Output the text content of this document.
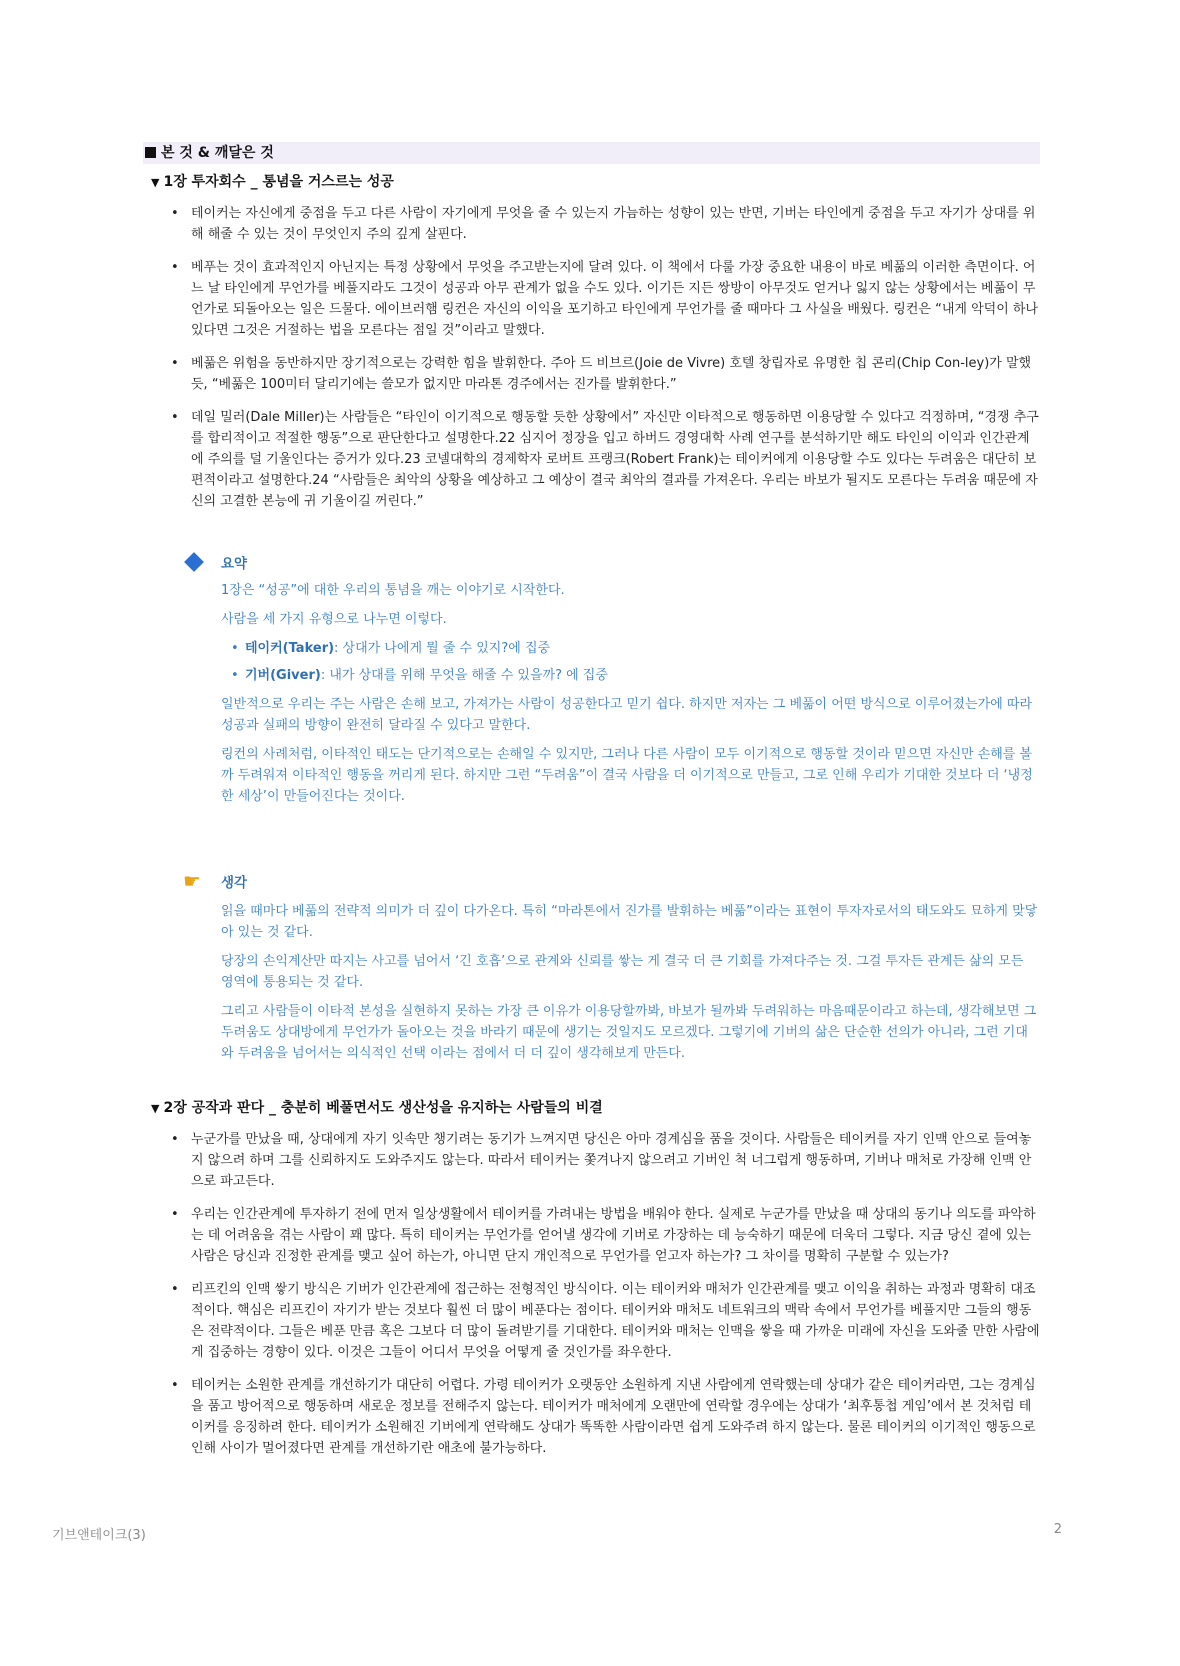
본 것 & 깨달은 것
▼ 1장 투자회수 _ 통념을 거스르는 성공
• 테이커는 자신에게 중점을 두고 다른 사람이 자기에게 무엇을 줄 수 있는지 가늠하는 성향이 있는 반면, 기버는 타인에게 중점을 두고 자기가 상대를 위해 해줄 수 있는 것이 무엇인지 주의 깊게 살핀다.
• 베푸는 것이 효과적인지 아닌지는 특정 상황에서 무엇을 주고받는지에 달려 있다. 이 책에서 다룰 가장 중요한 내용이 바로 베풂의 이러한 측면이다. 어느 날 타인에게 무언가를 베풀지라도 그것이 성공과 아무 관계가 없을 수도 있다. 이기든 지든 쌍방이 아무것도 얻거나 잃지 않는 상황에서는 베풂이 무언가로 되돌아오는 일은 드물다. 에이브러햄 링컨은 자신의 이익을 포기하고 타인에게 무언가를 줄 때마다 그 사실을 배웠다. 링컨은 “내게 악덕이 하나 있다면 그것은 거절하는 법을 모른다는 점일 것”이라고 말했다.
• 베풂은 위험을 동반하지만 장기적으로는 강력한 힘을 발휘한다. 주아 드 비브르(Joie de Vivre) 호텔 창립자로 유명한 칩 콘리(Chip Con-ley)가 말했듯, “베풂은 100미터 달리기에는 쓸모가 없지만 마라톤 경주에서는 진가를 발휘한다.”
• 데일 밀러(Dale Miller)는 사람들은 “타인이 이기적으로 행동할 듯한 상황에서” 자신만 이타적으로 행동하면 이용당할 수 있다고 걱정하며, “경쟁 추구를 합리적이고 적절한 행동”으로 판단한다고 설명한다.22 심지어 정장을 입고 하버드 경영대학 사례 연구를 분석하기만 해도 타인의 이익과 인간관계에 주의를 덜 기울인다는 증거가 있다.23 코넬대학의 경제학자 로버트 프랭크(Robert Frank)는 테이커에게 이용당할 수도 있다는 두려움은 대단히 보편적이라고 설명한다.24 “사람들은 최악의 상황을 예상하고 그 예상이 결국 최악의 결과를 가져온다. 우리는 바보가 될지도 모른다는 두려움 때문에 자신의 고결한 본능에 귀 기울이길 꺼린다.”
요약

1장은 “성공”에 대한 우리의 통념을 깨는 이야기로 시작한다.

사람을 세 가지 유형으로 나누면 이렇다.

• 테이커(Taker): 상대가 나에게 뭘 줄 수 있지?에 집중
• 기버(Giver): 내가 상대를 위해 무엇을 해줄 수 있을까? 에 집중

일반적으로 우리는 주는 사람은 손해 보고, 가져가는 사람이 성공한다고 믿기 쉽다. 하지만 저자는 그 베풂이 어떤 방식으로 이루어졌는가에 따라 성공과 실패의 방향이 완전히 달라질 수 있다고 말한다.

링컨의 사례처럼, 이타적인 태도는 단기적으로는 손해일 수 있지만, 그러나 다른 사람이 모두 이기적으로 행동할 것이라 믿으면 자신만 손해를 볼까 두려워져 이타적인 행동을 꺼리게 된다. 하지만 그런 “두려움”이 결국 사람을 더 이기적으로 만들고, 그로 인해 우리가 기대한 것보다 더 ‘냉정한 세상’이 만들어진다는 것이다.

☛	생각

읽을 때마다 베풂의 전략적 의미가 더 깊이 다가온다. 특히 “마라톤에서 진가를 발휘하는 베풂”이라는 표현이 투자자로서의 태도와도 묘하게 맞닿아 있는 것 같다.

당장의 손익계산만 따지는 사고를 넘어서 ‘긴 호흡’으로 관계와 신뢰를 쌓는 게 결국 더 큰 기회를 가져다주는 것. 그걸 투자든 관계든 삶의 모든 영역에 통용되는 것 같다.

그리고 사람들이 이타적 본성을 실현하지 못하는 가장 큰 이유가 이용당할까봐, 바보가 될까봐 두려워하는 마음때문이라고 하는데, 생각해보면 그 두려움도 상대방에게 무언가가 돌아오는 것을 바라기 때문에 생기는 것일지도 모르겠다. 그렇기에 기버의 삶은 단순한 선의가 아니라, 그런 기대와 두려움을 넘어서는 의식적인 선택 이라는 점에서 더 더 깊이 생각해보게 만든다.

▼ 2장 공작과 판다 _ 충분히 베풀면서도 생산성을 유지하는 사람들의 비결
• 누군가를 만났을 때, 상대에게 자기 잇속만 챙기려는 동기가 느껴지면 당신은 아마 경계심을 품을 것이다. 사람들은 테이커를 자기 인맥 안으로 들여놓지 않으려 하며 그를 신뢰하지도 도와주지도 않는다. 따라서 테이커는 쫓겨나지 않으려고 기버인 척 너그럽게 행동하며, 기버나 매처로 가장해 인맥 안으로 파고든다.
• 우리는 인간관계에 투자하기 전에 먼저 일상생활에서 테이커를 가려내는 방법을 배워야 한다. 실제로 누군가를 만났을 때 상대의 동기나 의도를 파악하는 데 어려움을 겪는 사람이 꽤 많다. 특히 테이커는 무언가를 얻어낼 생각에 기버로 가장하는 데 능숙하기 때문에 더욱더 그렇다. 지금 당신 곁에 있는 사람은 당신과 진정한 관계를 맺고 싶어 하는가, 아니면 단지 개인적으로 무언가를 얻고자 하는가? 그 차이를 명확히 구분할 수 있는가?
• 리프킨의 인맥 쌓기 방식은 기버가 인간관계에 접근하는 전형적인 방식이다. 이는 테이커와 매처가 인간관계를 맺고 이익을 취하는 과정과 명확히 대조적이다. 핵심은 리프킨이 자기가 받는 것보다 훨씬 더 많이 베푼다는 점이다. 테이커와 매처도 네트워크의 맥락 속에서 무언가를 베풀지만 그들의 행동은 전략적이다. 그들은 베푼 만큼 혹은 그보다 더 많이 돌려받기를 기대한다. 테이커와 매처는 인맥을 쌓을 때 가까운 미래에 자신을 도와줄 만한 사람에게 집중하는 경향이 있다. 이것은 그들이 어디서 무엇을 어떻게 줄 것인가를 좌우한다.
• 테이커는 소원한 관계를 개선하기가 대단히 어렵다. 가령 테이커가 오랫동안 소원하게 지낸 사람에게 연락했는데 상대가 같은 테이커라면, 그는 경계심을 품고 방어적으로 행동하며 새로운 정보를 전해주지 않는다. 테이커가 매처에게 오랜만에 연락할 경우에는 상대가 ‘최후통첩 게임’에서 본 것처럼 테이커를 응징하려 한다. 테이커가 소원해진 기버에게 연락해도 상대가 똑똑한 사람이라면 쉽게 도와주려 하지 않는다. 물론 테이커의 이기적인 행동으로 인해 사이가 멀어졌다면 관계를 개선하기란 애초에 불가능하다.
기브앤테이크(3)	2
